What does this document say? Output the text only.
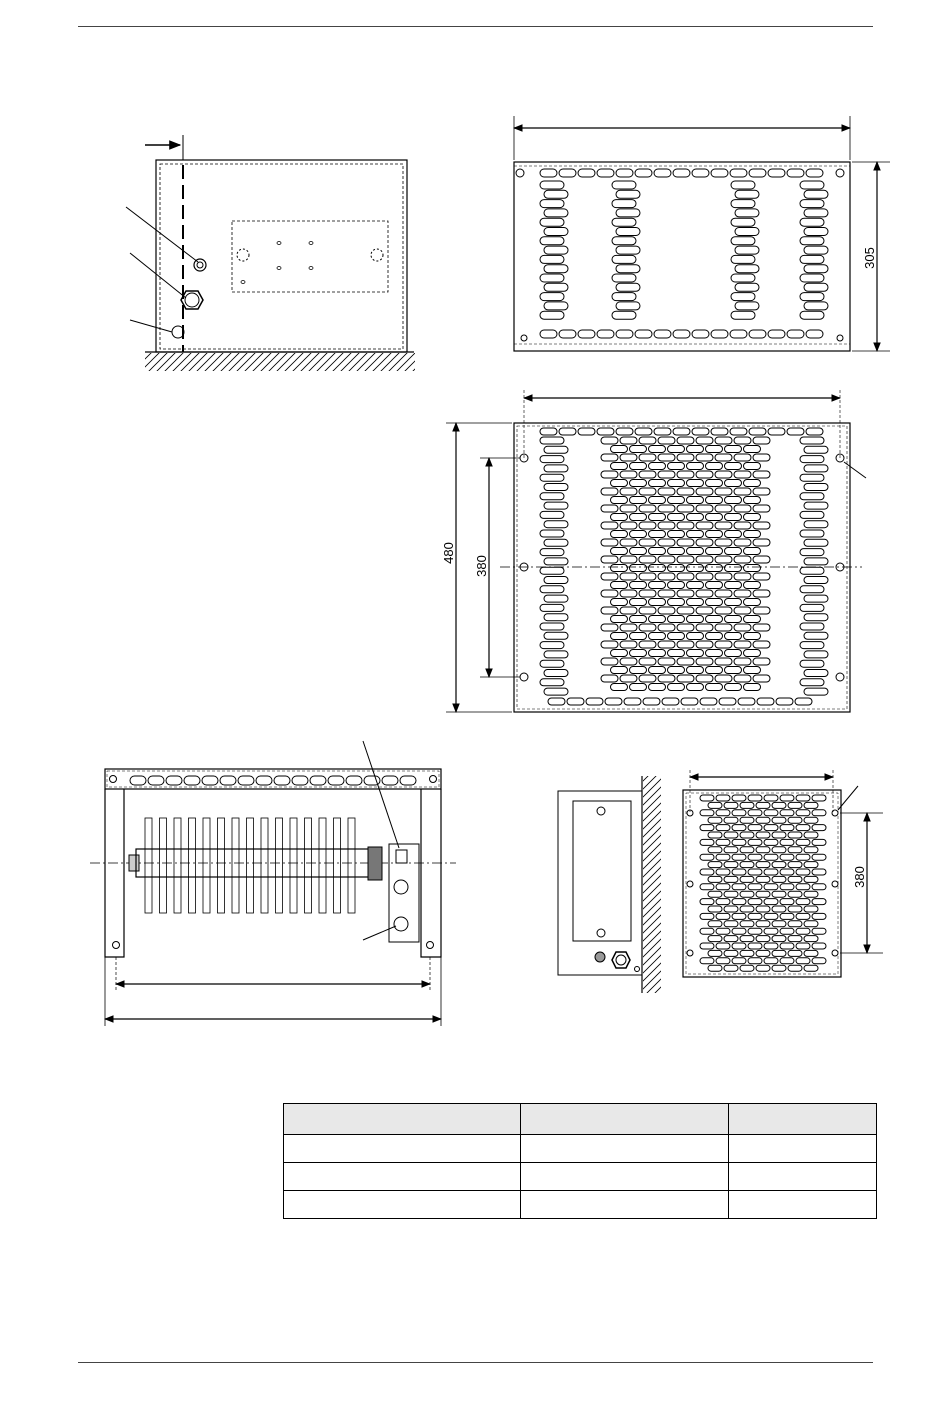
305
480
380
380
